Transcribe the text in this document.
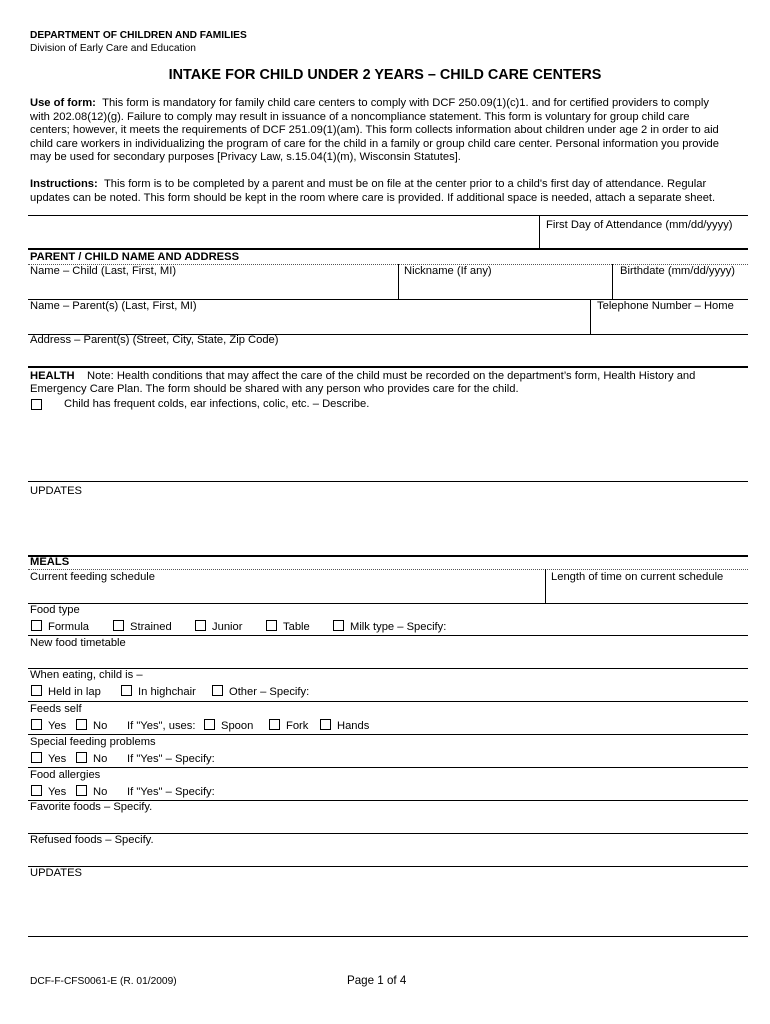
DEPARTMENT OF CHILDREN AND FAMILIES
Division of Early Care and Education
INTAKE FOR CHILD UNDER 2 YEARS – CHILD CARE CENTERS
Use of form: This form is mandatory for family child care centers to comply with DCF 250.09(1)(c)1. and for certified providers to comply
with 202.08(12)(g). Failure to comply may result in issuance of a noncompliance statement. This form is voluntary for group child care
centers; however, it meets the requirements of DCF 251.09(1)(am). This form collects information about children under age 2 in order to aid
child care workers in individualizing the program of care for the child in a family or group child care center. Personal information you provide
may be used for secondary purposes [Privacy Law, s.15.04(1)(m), Wisconsin Statutes].
Instructions: This form is to be completed by a parent and must be on file at the center prior to a child's first day of attendance. Regular
updates can be noted. This form should be kept in the room where care is provided. If additional space is needed, attach a separate sheet.
First Day of Attendance (mm/dd/yyyy)
PARENT / CHILD NAME AND ADDRESS
Name – Child (Last, First, MI)	Nickname (If any)	Birthdate (mm/dd/yyyy)
Name – Parent(s) (Last, First, MI)	Telephone Number – Home
Address – Parent(s) (Street, City, State, Zip Code)
HEALTH Note: Health conditions that may affect the care of the child must be recorded on the department’s form, Health History and
Emergency Care Plan. The form should be shared with any person who provides care for the child.
Child has frequent colds, ear infections, colic, etc. – Describe.
UPDATES
MEALS
Current feeding schedule	Length of time on current schedule
Food type
Formula	Strained	Junior	Table	Milk type – Specify:
New food timetable
When eating, child is –
Held in lap	In highchair	Other – Specify:
Feeds self
Yes No If "Yes", uses: Spoon	Fork	Hands
Special feeding problems
Yes No If "Yes" – Specify:
Food allergies
Yes No If "Yes" – Specify:
Favorite foods – Specify.
Refused foods – Specify.
UPDATES
DCF-F-CFS0061-E (R. 01/2009)	Page 1 of 4
